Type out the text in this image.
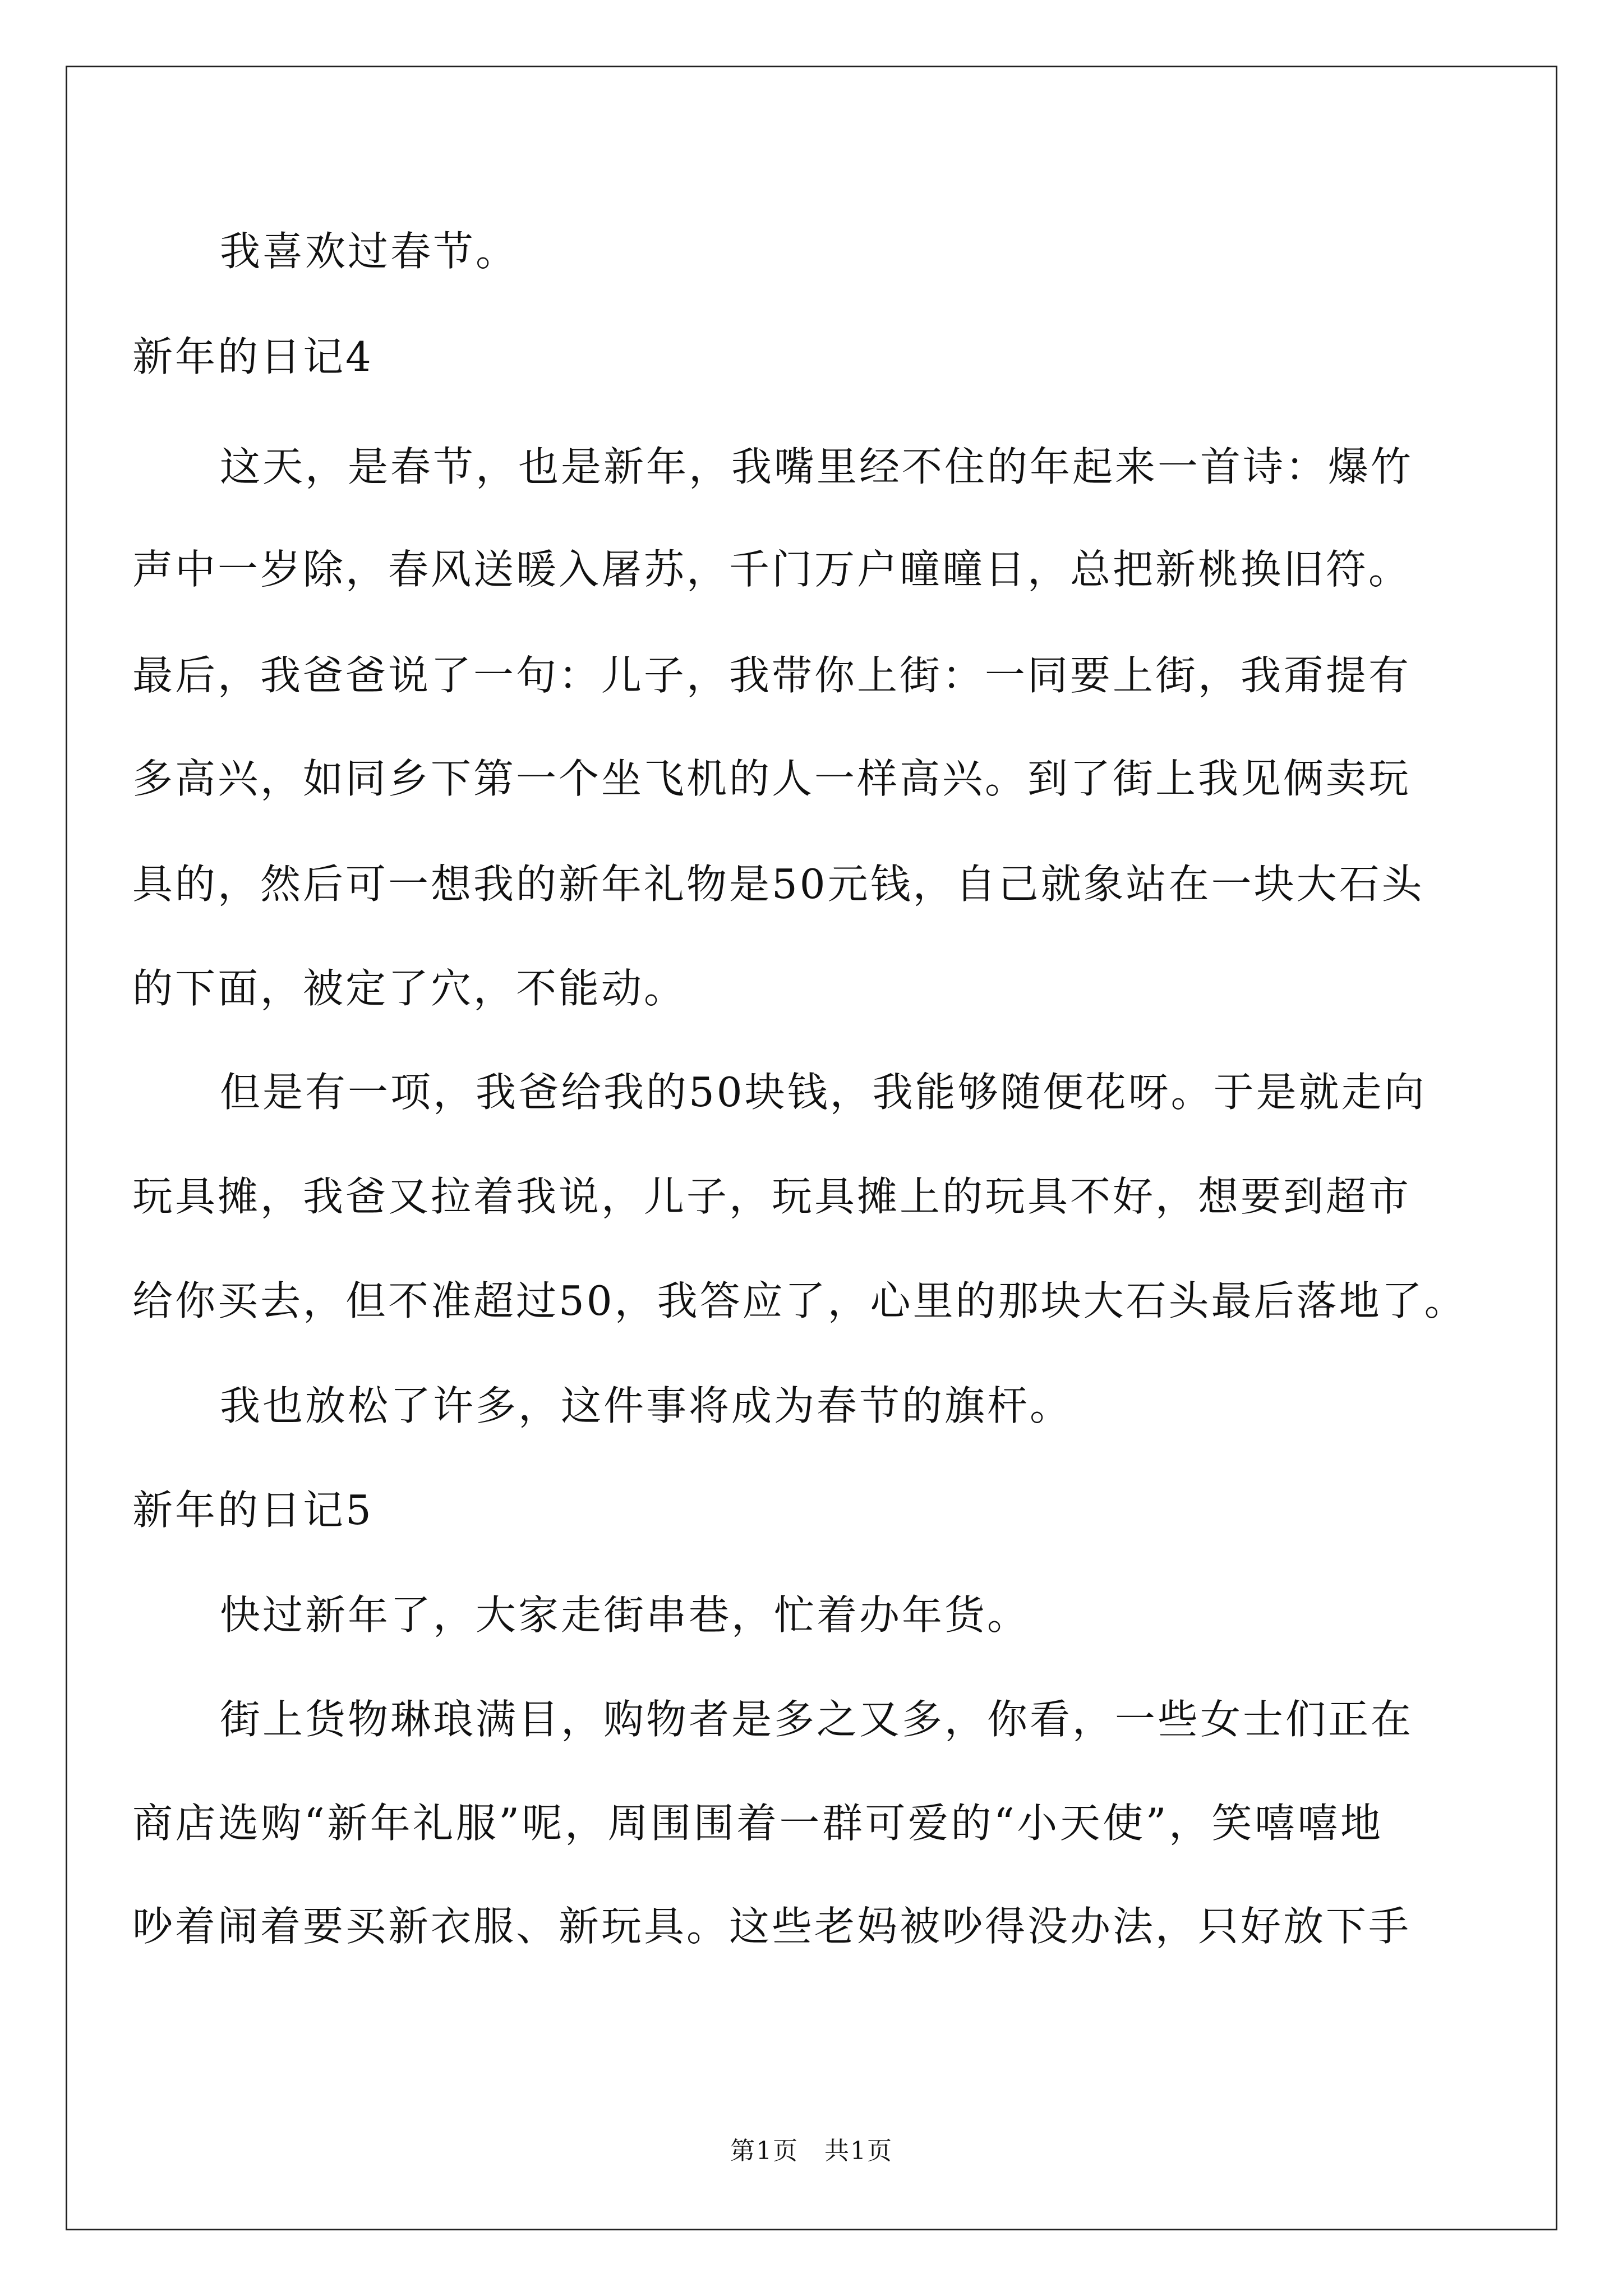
我喜欢过春节。
新年的日记4
这天，是春节，也是新年，我嘴里经不住的年起来一首诗：爆竹
声中一岁除，春风送暖入屠苏，千门万户曈曈日，总把新桃换旧符。
最后，我爸爸说了一句：儿子，我带你上街：一同要上街，我甭提有
多高兴，如同乡下第一个坐飞机的人一样高兴。到了街上我见俩卖玩
具的，然后可一想我的新年礼物是50元钱，自己就象站在一块大石头
的下面，被定了穴，不能动。
但是有一项，我爸给我的50块钱，我能够随便花呀。于是就走向
玩具摊，我爸又拉着我说，儿子，玩具摊上的玩具不好，想要到超市
给你买去，但不准超过50，我答应了，心里的那块大石头最后落地了。
我也放松了许多，这件事将成为春节的旗杆。
新年的日记5
快过新年了，大家走街串巷，忙着办年货。
街上货物琳琅满目，购物者是多之又多，你看，一些女士们正在
商店选购“新年礼服”呢，周围围着一群可爱的“小天使”，笑嘻嘻地
吵着闹着要买新衣服、新玩具。这些老妈被吵得没办法，只好放下手
第1页　共1页
